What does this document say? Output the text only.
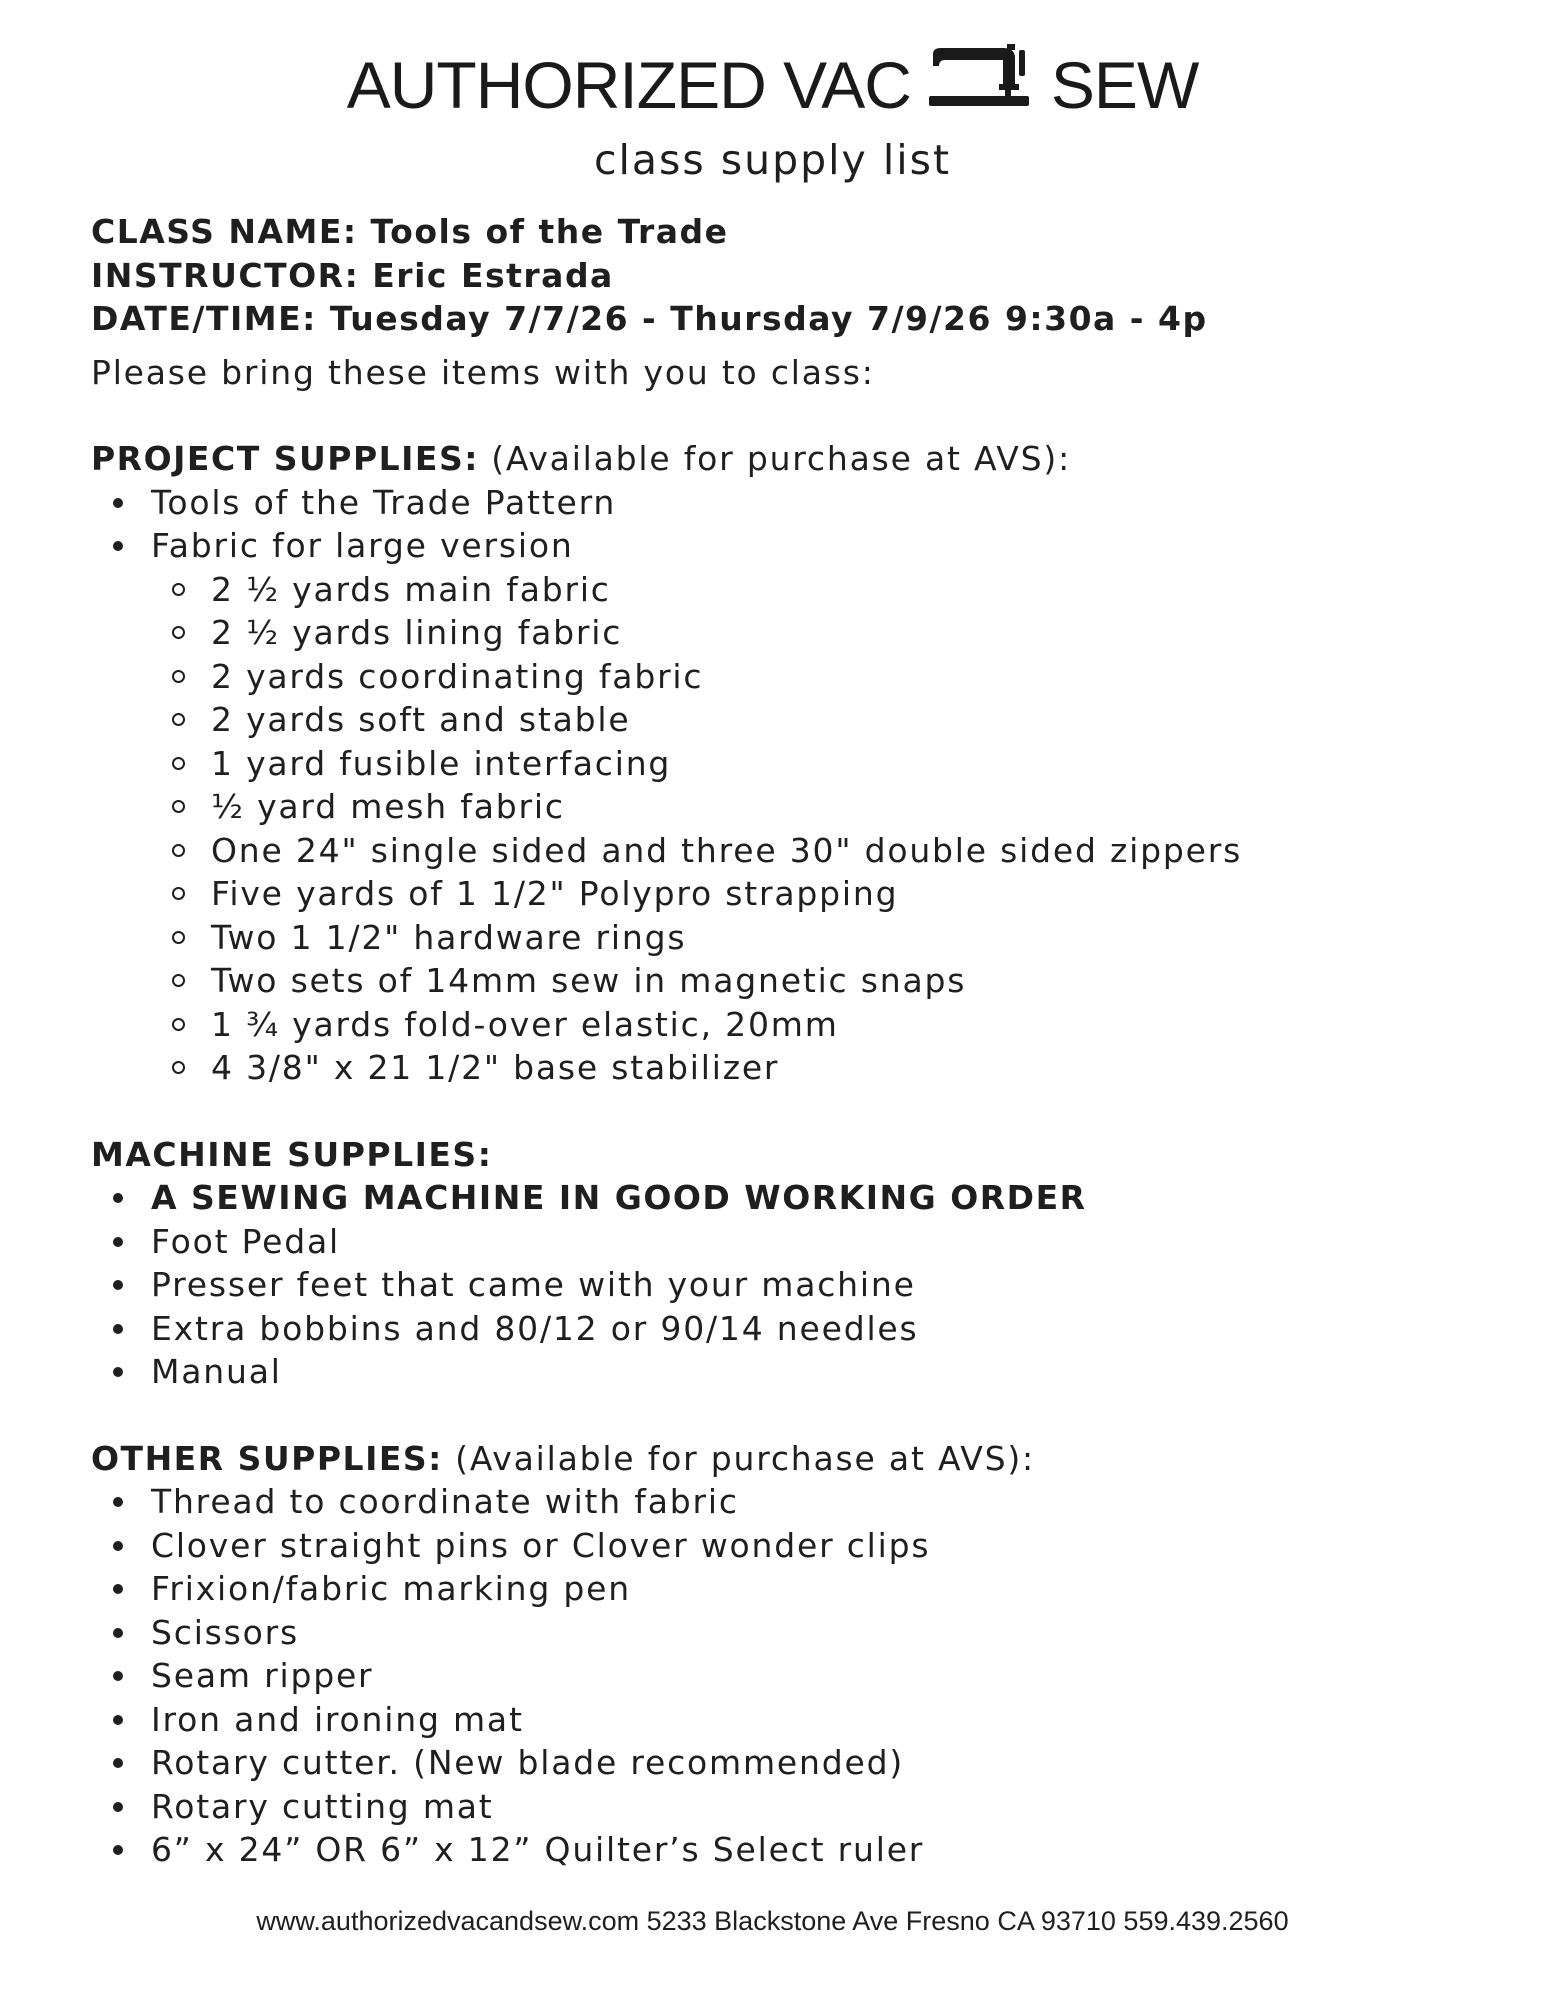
AUTHORIZED VAC SEW
class supply list
CLASS NAME: Tools of the Trade
INSTRUCTOR: Eric Estrada
DATE/TIME: Tuesday 7/7/26 - Thursday 7/9/26 9:30a - 4p
Please bring these items with you to class:
PROJECT SUPPLIES: (Available for purchase at AVS):
Tools of the Trade Pattern
Fabric for large version
2 ½ yards main fabric
2 ½ yards lining fabric
2 yards coordinating fabric
2 yards soft and stable
1 yard fusible interfacing
½ yard mesh fabric
One 24" single sided and three 30" double sided zippers
Five yards of 1 1/2" Polypro strapping
Two 1 1/2" hardware rings
Two sets of 14mm sew in magnetic snaps
1 ¾ yards fold-over elastic, 20mm
4 3/8" x 21 1/2" base stabilizer
MACHINE SUPPLIES:
A SEWING MACHINE IN GOOD WORKING ORDER
Foot Pedal
Presser feet that came with your machine
Extra bobbins and 80/12 or 90/14 needles
Manual
OTHER SUPPLIES: (Available for purchase at AVS):
Thread to coordinate with fabric
Clover straight pins or Clover wonder clips
Frixion/fabric marking pen
Scissors
Seam ripper
Iron and ironing mat
Rotary cutter. (New blade recommended)
Rotary cutting mat
6” x 24” OR 6” x 12” Quilter’s Select ruler
www.authorizedvacandsew.com 5233 Blackstone Ave Fresno CA 93710 559.439.2560
